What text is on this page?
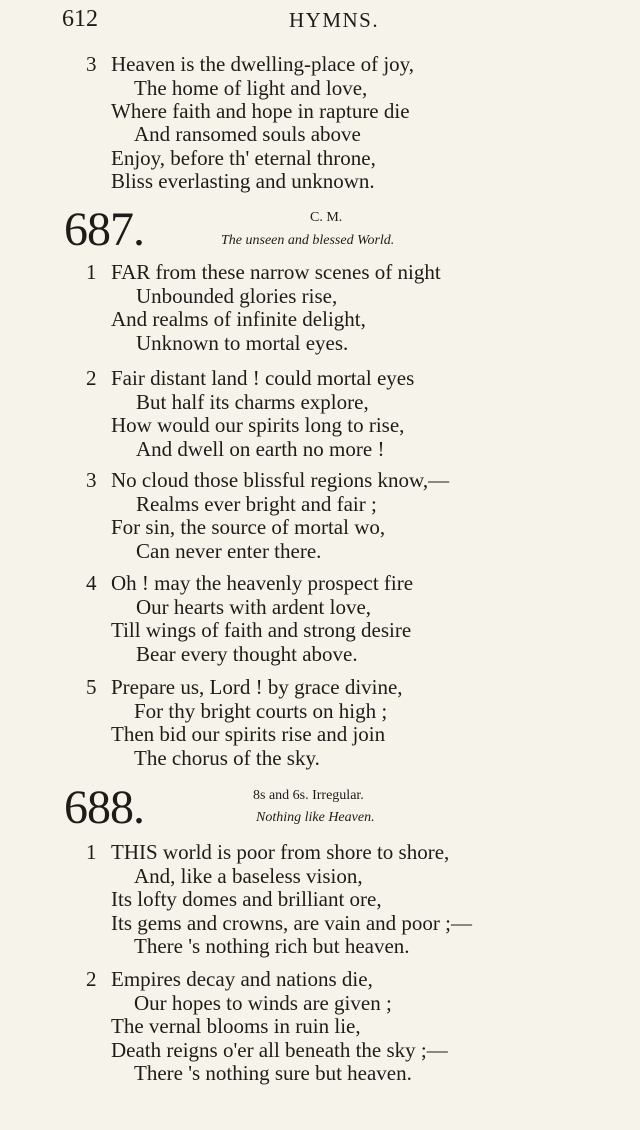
612	HYMNS.
3 Heaven is the dwelling-place of joy,
The home of light and love,
Where faith and hope in rapture die
And ransomed souls above
Enjoy, before th' eternal throne,
Bliss everlasting and unknown.
687.	C. M.
The unseen and blessed World.
1 FAR from these narrow scenes of night
Unbounded glories rise,
And realms of infinite delight,
Unknown to mortal eyes.
2 Fair distant land ! could mortal eyes
But half its charms explore,
How would our spirits long to rise,
And dwell on earth no more !
3 No cloud those blissful regions know,—
Realms ever bright and fair ;
For sin, the source of mortal wo,
Can never enter there.
4 Oh ! may the heavenly prospect fire
Our hearts with ardent love,
Till wings of faith and strong desire
Bear every thought above.
5 Prepare us, Lord ! by grace divine,
For thy bright courts on high ;
Then bid our spirits rise and join
The chorus of the sky.
688.	8s and 6s. Irregular.
Nothing like Heaven.
1 THIS world is poor from shore to shore,
And, like a baseless vision,
Its lofty domes and brilliant ore,
Its gems and crowns, are vain and poor ;—
There 's nothing rich but heaven.
2 Empires decay and nations die,
Our hopes to winds are given ;
The vernal blooms in ruin lie,
Death reigns o'er all beneath the sky ;—
There 's nothing sure but heaven.
